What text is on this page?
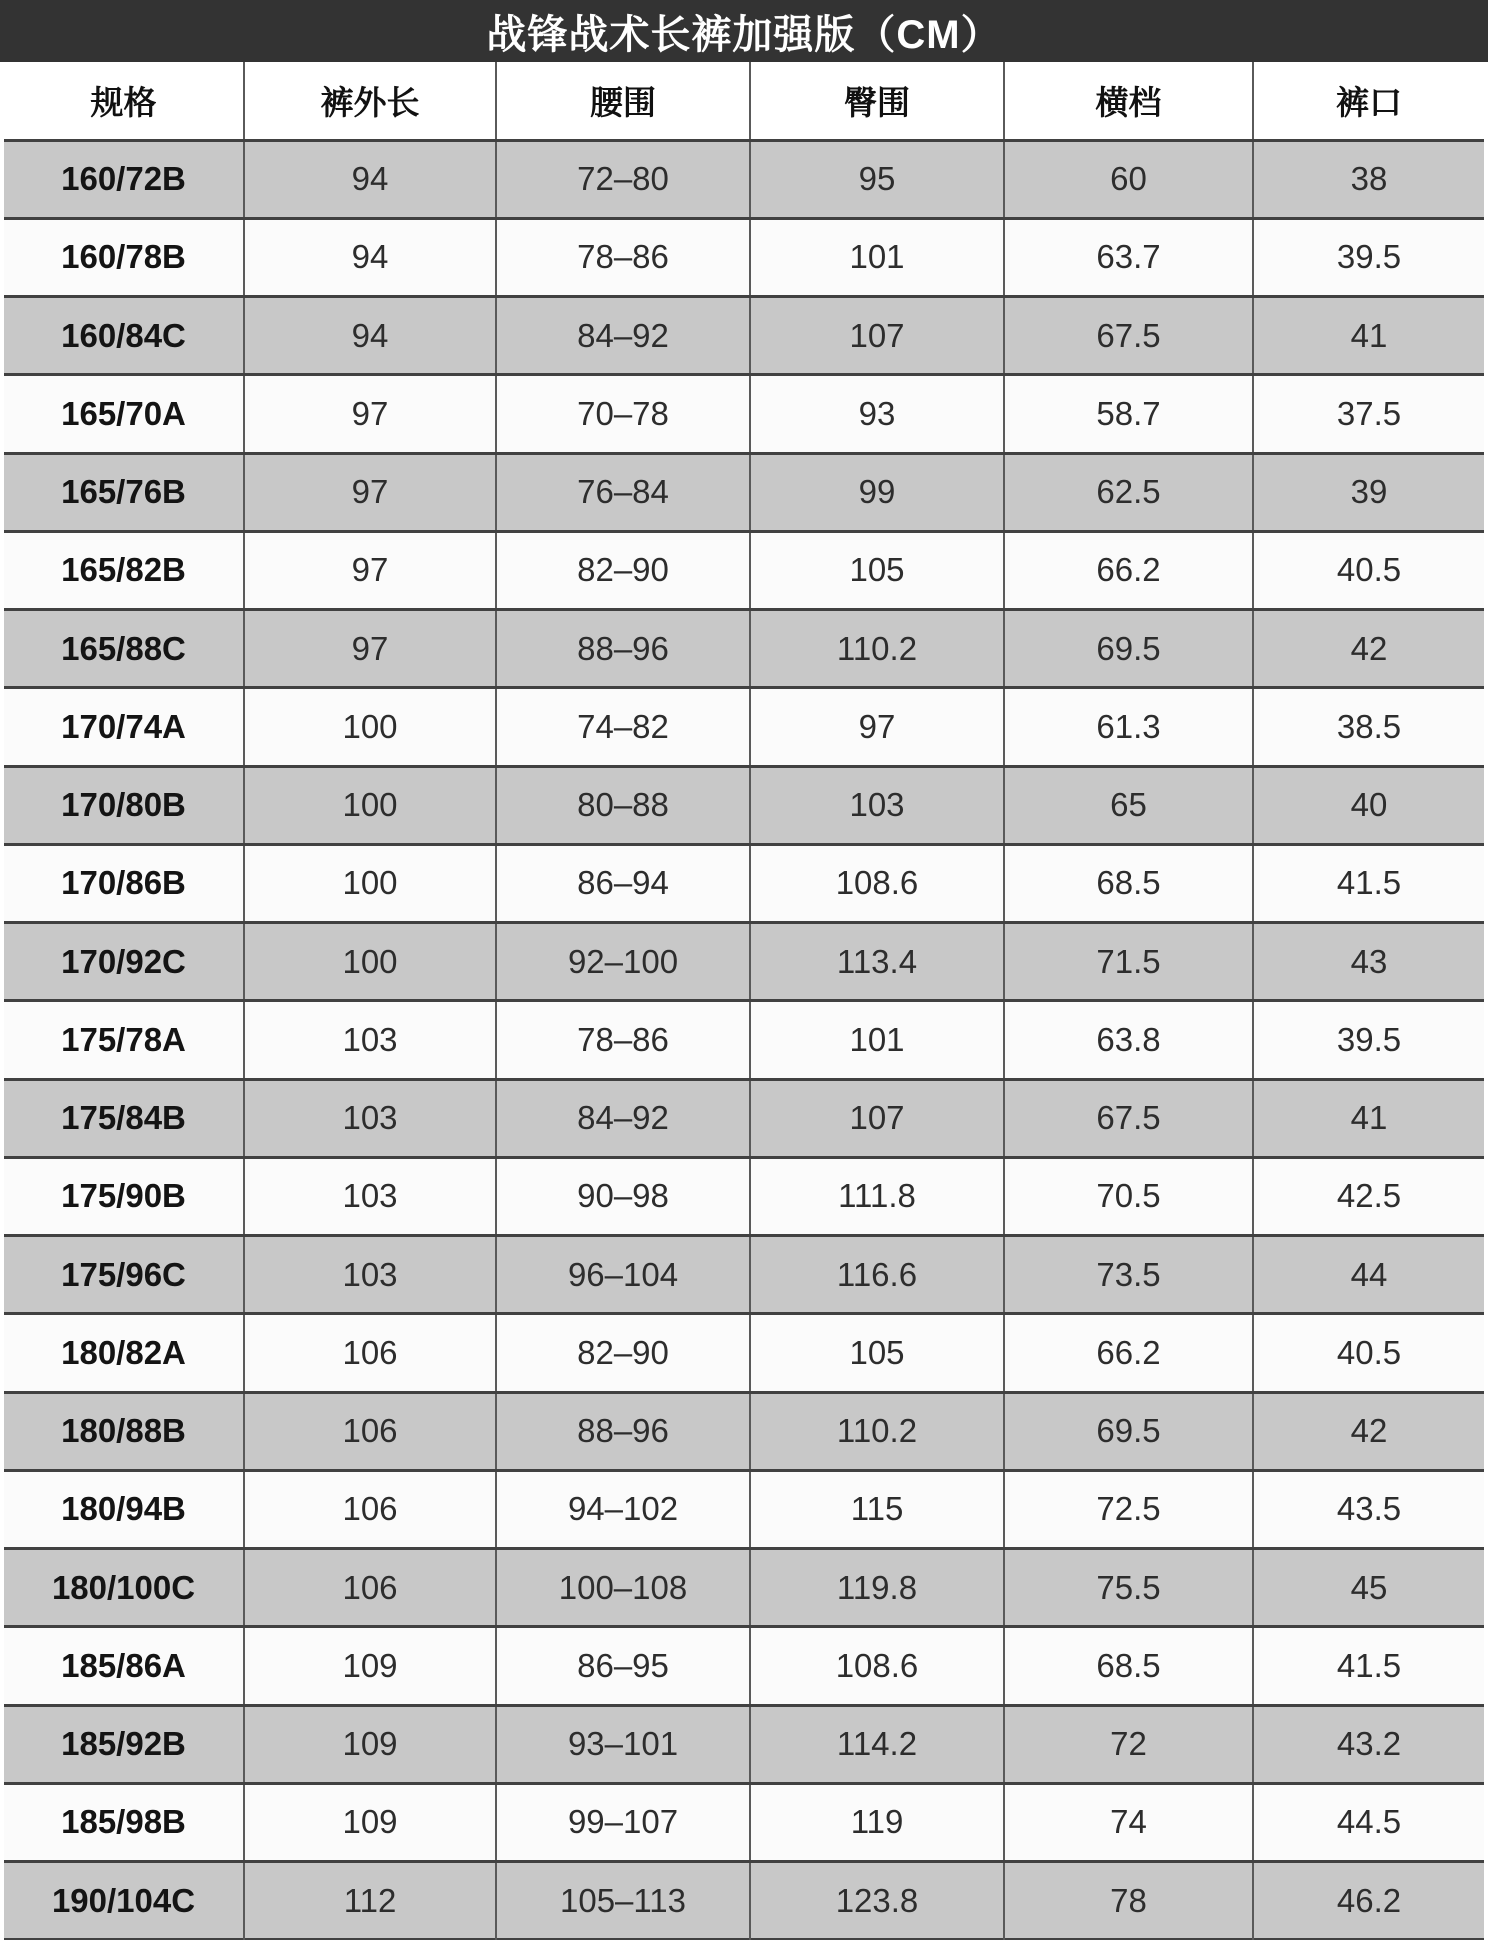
战锋战术长裤加强版（CM）
规格	裤外长	腰围	臀围	横档	裤口
160/72B	94	72–80	95	60	38
160/78B	94	78–86	101	63.7	39.5
160/84C	94	84–92	107	67.5	41
165/70A	97	70–78	93	58.7	37.5
165/76B	97	76–84	99	62.5	39
165/82B	97	82–90	105	66.2	40.5
165/88C	97	88–96	110.2	69.5	42
170/74A	100	74–82	97	61.3	38.5
170/80B	100	80–88	103	65	40
170/86B	100	86–94	108.6	68.5	41.5
170/92C	100	92–100	113.4	71.5	43
175/78A	103	78–86	101	63.8	39.5
175/84B	103	84–92	107	67.5	41
175/90B	103	90–98	111.8	70.5	42.5
175/96C	103	96–104	116.6	73.5	44
180/82A	106	82–90	105	66.2	40.5
180/88B	106	88–96	110.2	69.5	42
180/94B	106	94–102	115	72.5	43.5
180/100C	106	100–108	119.8	75.5	45
185/86A	109	86–95	108.6	68.5	41.5
185/92B	109	93–101	114.2	72	43.2
185/98B	109	99–107	119	74	44.5
190/104C	112	105–113	123.8	78	46.2
